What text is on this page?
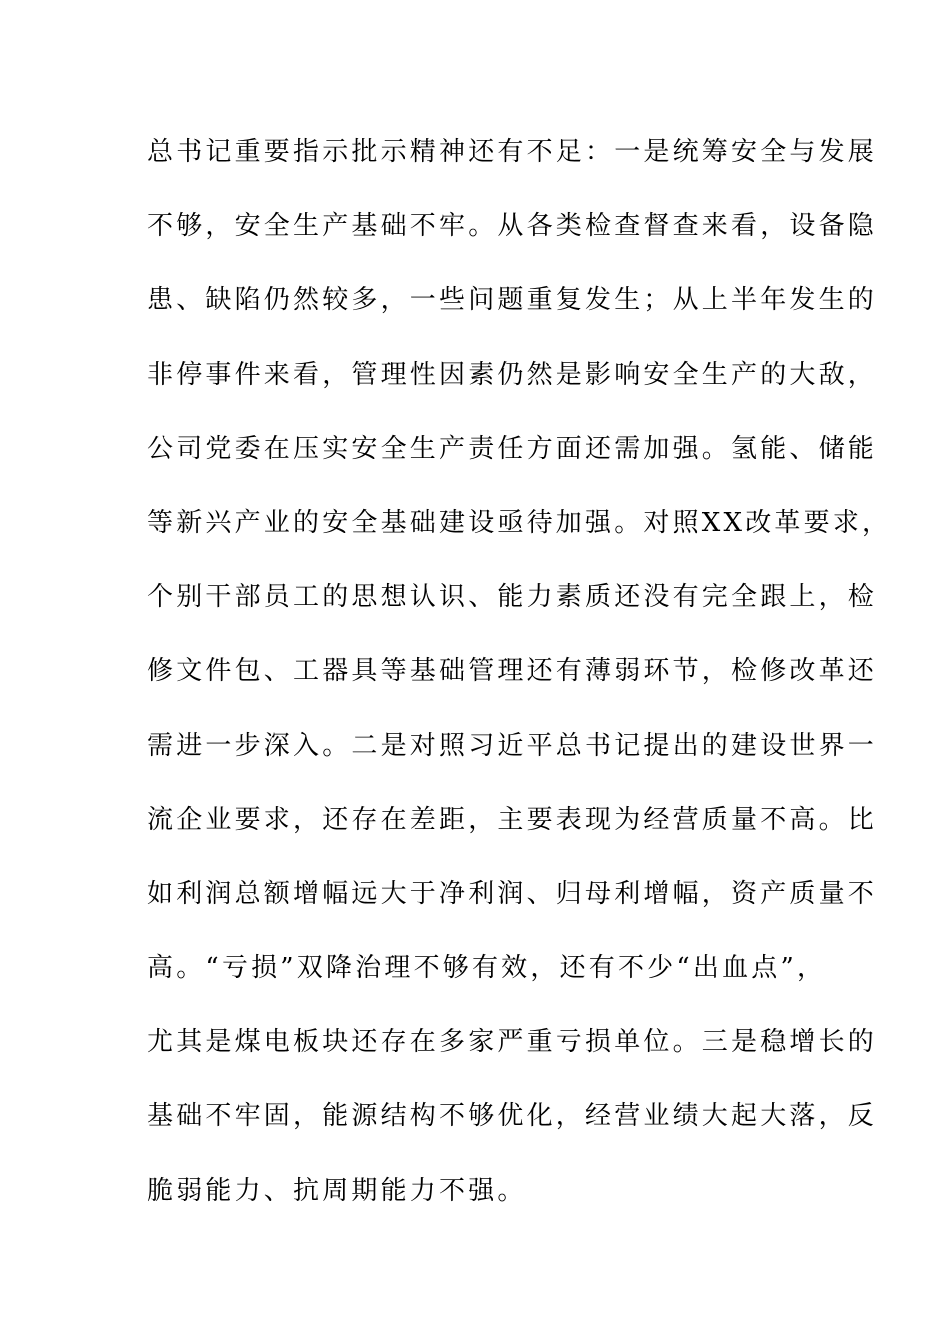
总书记重要指示批示精神还有不足：一是统筹安全与发展
不够，安全生产基础不牢。从各类检查督查来看，设备隐
患、缺陷仍然较多，一些问题重复发生；从上半年发生的
非停事件来看，管理性因素仍然是影响安全生产的大敌，
公司党委在压实安全生产责任方面还需加强。氢能、储能
等新兴产业的安全基础建设亟待加强。对照XX改革要求，
个别干部员工的思想认识、能力素质还没有完全跟上，检
修文件包、工器具等基础管理还有薄弱环节，检修改革还
需进一步深入。二是对照习近平总书记提出的建设世界一
流企业要求，还存在差距，主要表现为经营质量不高。比
如利润总额增幅远大于净利润、归母利增幅，资产质量不
高。“亏损”双降治理不够有效，还有不少“出血点”，
尤其是煤电板块还存在多家严重亏损单位。三是稳增长的
基础不牢固，能源结构不够优化，经营业绩大起大落，反
脆弱能力、抗周期能力不强。
